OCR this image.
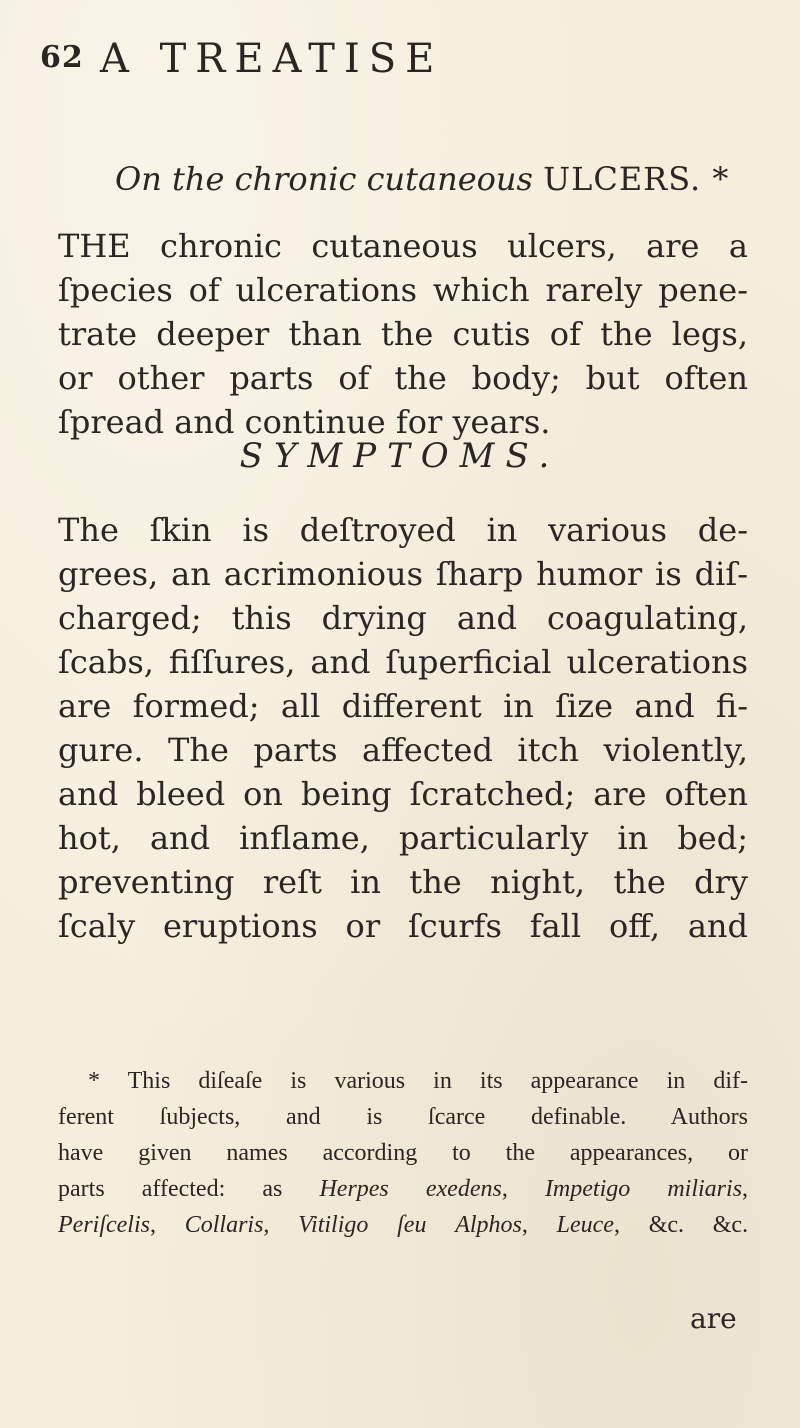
62 A TREATISE
On the chronic cutaneous ULCERS. *
THE chronic cutaneous ulcers, are a
ſpecies of ulcerations which rarely pene-
trate deeper than the cutis of the legs,
or other parts of the body; but often
ſpread and continue for years.
SYMPTOMS.
The ſkin is deſtroyed in various de-
grees, an acrimonious ſharp humor is diſ-
charged; this drying and coagulating,
ſcabs, fiſſures, and ſuperficial ulcerations
are formed; all different in ſize and fi-
gure. The parts affected itch violently,
and bleed on being ſcratched; are often
hot, and inflame, particularly in bed;
preventing reſt in the night, the dry
ſcaly eruptions or ſcurfs fall off, and
* This diſeaſe is various in its appearance in dif-
ferent ſubjects, and is ſcarce definable. Authors
have given names according to the appearances, or
parts affected: as Herpes exedens, Impetigo miliaris,
Periſcelis, Collaris, Vitiligo ſeu Alphos, Leuce, &c. &c.
are
